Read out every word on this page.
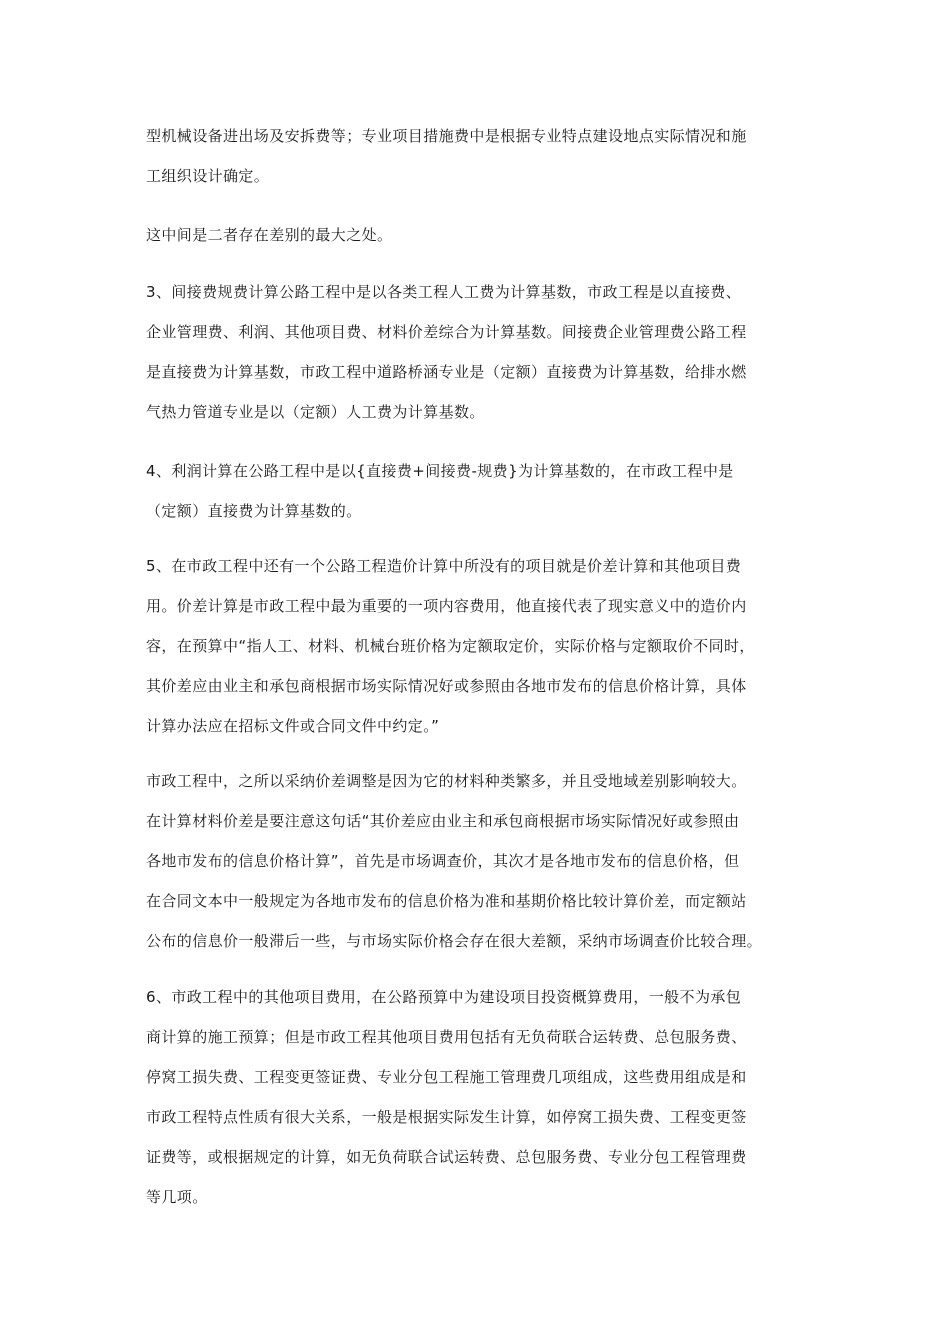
型机械设备进出场及安拆费等；专业项目措施费中是根据专业特点建设地点实际情况和施
工组织设计确定。

这中间是二者存在差别的最大之处。

3、间接费规费计算公路工程中是以各类工程人工费为计算基数，市政工程是以直接费、
企业管理费、利润、其他项目费、材料价差综合为计算基数。间接费企业管理费公路工程
是直接费为计算基数，市政工程中道路桥涵专业是（定额）直接费为计算基数，给排水燃
气热力管道专业是以（定额）人工费为计算基数。

4、利润计算在公路工程中是以{直接费+间接费-规费}为计算基数的，在市政工程中是
（定额）直接费为计算基数的。

5、在市政工程中还有一个公路工程造价计算中所没有的项目就是价差计算和其他项目费
用。价差计算是市政工程中最为重要的一项内容费用，他直接代表了现实意义中的造价内
容，在预算中“指人工、材料、机械台班价格为定额取定价，实际价格与定额取价不同时，
其价差应由业主和承包商根据市场实际情况好或参照由各地市发布的信息价格计算，具体
计算办法应在招标文件或合同文件中约定。”

市政工程中，之所以采纳价差调整是因为它的材料种类繁多，并且受地域差别影响较大。
在计算材料价差是要注意这句话“其价差应由业主和承包商根据市场实际情况好或参照由
各地市发布的信息价格计算”，首先是市场调查价，其次才是各地市发布的信息价格，但
在合同文本中一般规定为各地市发布的信息价格为准和基期价格比较计算价差，而定额站
公布的信息价一般滞后一些，与市场实际价格会存在很大差额，采纳市场调查价比较合理。

6、市政工程中的其他项目费用，在公路预算中为建设项目投资概算费用，一般不为承包
商计算的施工预算；但是市政工程其他项目费用包括有无负荷联合运转费、总包服务费、
停窝工损失费、工程变更签证费、专业分包工程施工管理费几项组成，这些费用组成是和
市政工程特点性质有很大关系，一般是根据实际发生计算，如停窝工损失费、工程变更签
证费等，或根据规定的计算，如无负荷联合试运转费、总包服务费、专业分包工程管理费
等几项。
